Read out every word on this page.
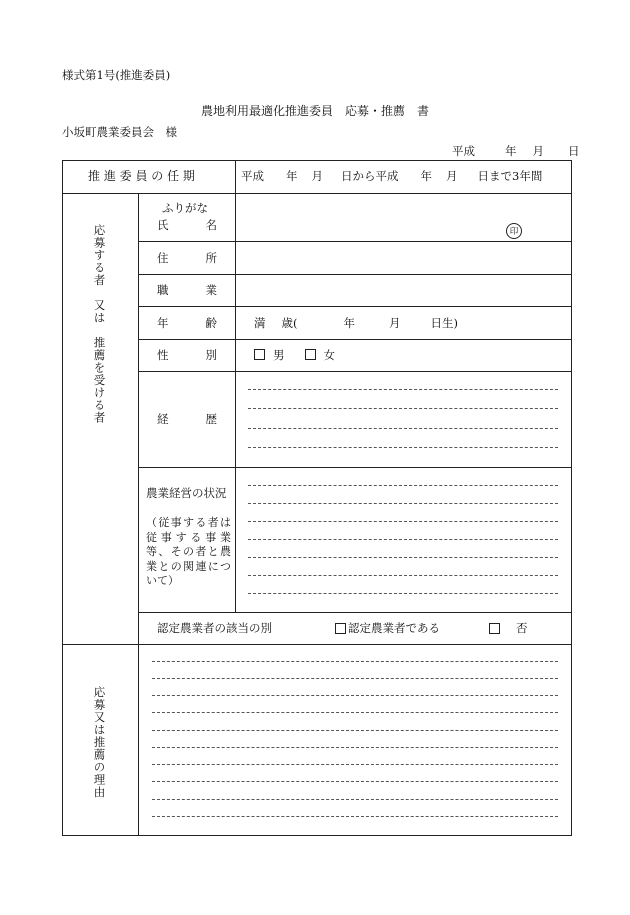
様式第1号(推進委員)
農地利用最適化推進委員　応募・推薦　書
小坂町農業委員会　様
平成	年 月 日
推 進 委 員 の 任 期	平成 年 月 日から平成 年 月 日まで3年間
応募する者　又は　推薦を受ける者
ふりがな
氏	名
印
住	所
職	業
年	齢	満 歳(	年	月	日生)
性	別	男	女
経	歴
農業経営の状況
（従事する者は従事する事業等、その者と農業との関連について）
認定農業者の該当の別	認定農業者である	否
応募又は推薦の理由
